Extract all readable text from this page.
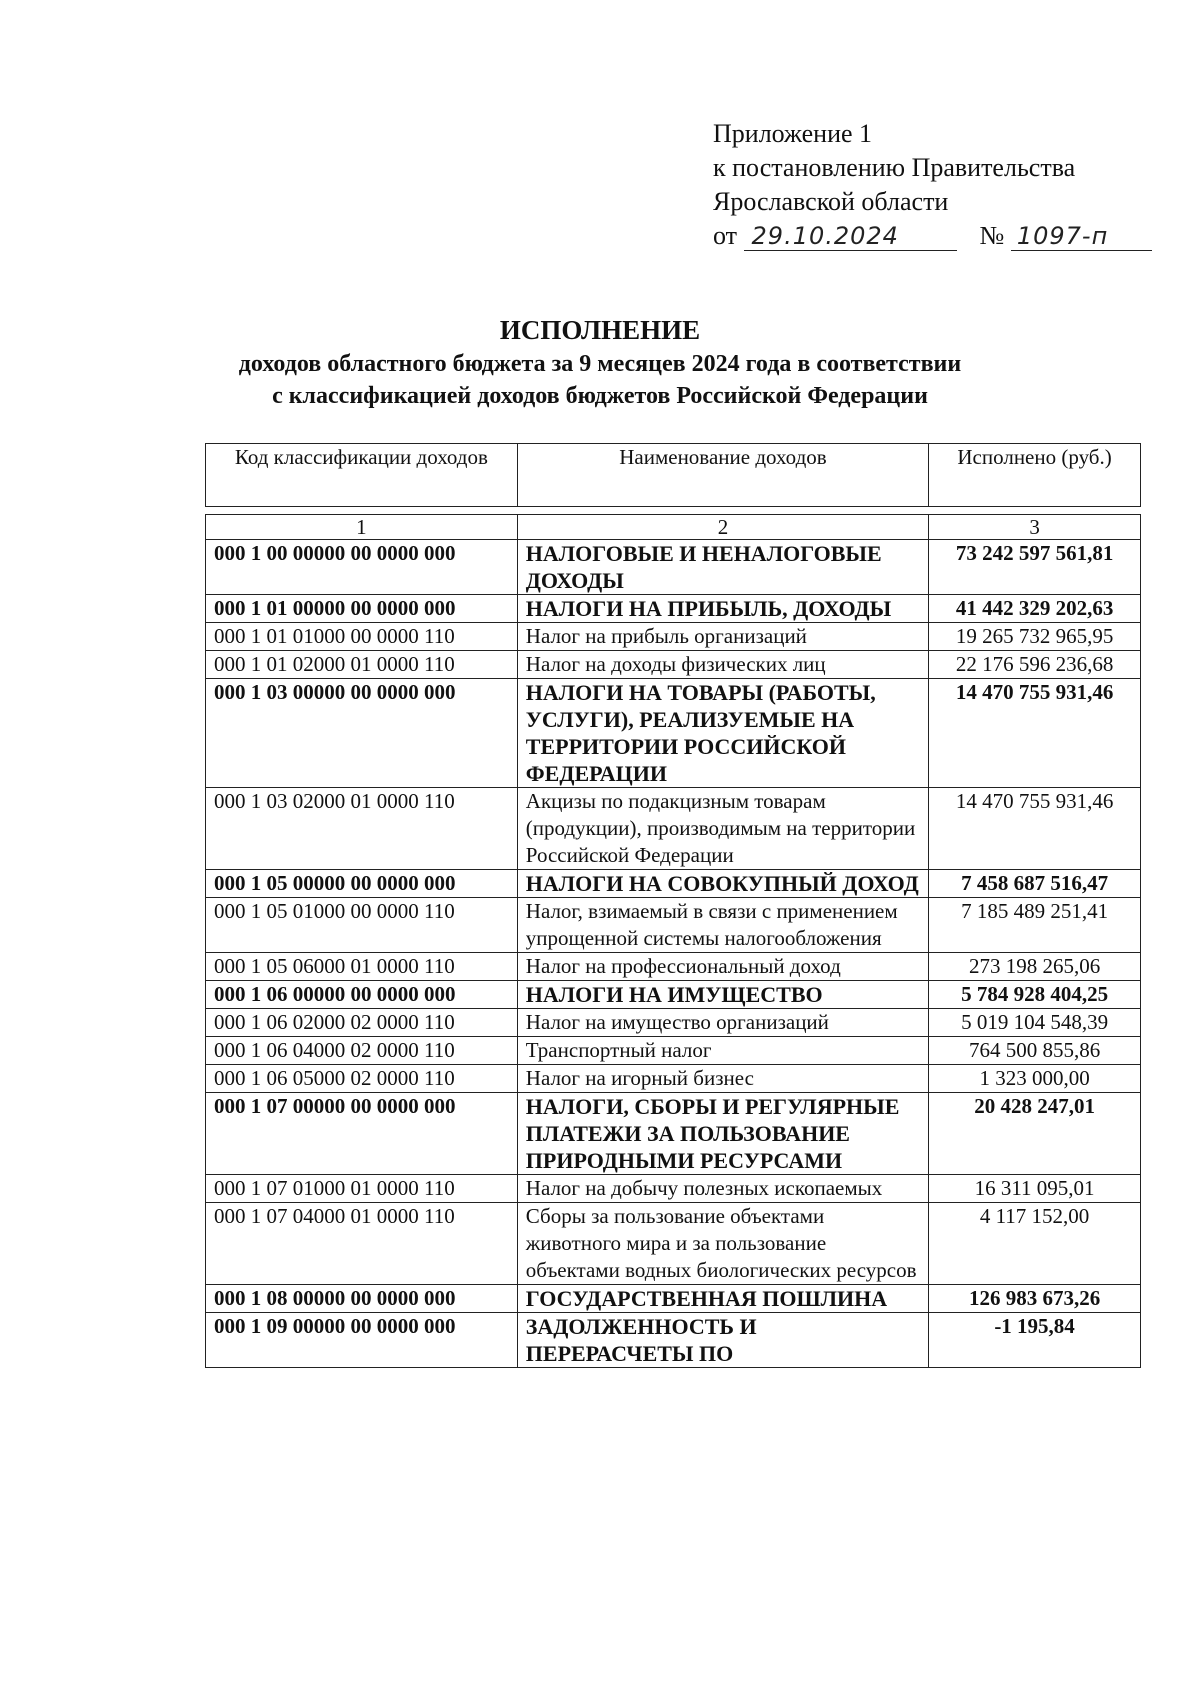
Приложение 1
к постановлению Правительства
Ярославской области
от 29.10.2024	№ 1097-п
ИСПОЛНЕНИЕ
доходов областного бюджета за 9 месяцев 2024 года в соответствии
с классификацией доходов бюджетов Российской Федерации
Код классификации доходов	Наименование доходов	Исполнено (руб.)

1	2	3
000 1 00 00000 00 0000 000	НАЛОГОВЫЕ И НЕНАЛОГОВЫЕ ДОХОДЫ	73 242 597 561,81
000 1 01 00000 00 0000 000	НАЛОГИ НА ПРИБЫЛЬ, ДОХОДЫ	41 442 329 202,63
000 1 01 01000 00 0000 110	Налог на прибыль организаций	19 265 732 965,95
000 1 01 02000 01 0000 110	Налог на доходы физических лиц	22 176 596 236,68
000 1 03 00000 00 0000 000	НАЛОГИ НА ТОВАРЫ (РАБОТЫ, УСЛУГИ), РЕАЛИЗУЕМЫЕ НА ТЕРРИТОРИИ РОССИЙСКОЙ ФЕДЕРАЦИИ	14 470 755 931,46
000 1 03 02000 01 0000 110	Акцизы по подакцизным товарам (продукции), производимым на территории Российской Федерации	14 470 755 931,46
000 1 05 00000 00 0000 000	НАЛОГИ НА СОВОКУПНЫЙ ДОХОД	7 458 687 516,47
000 1 05 01000 00 0000 110	Налог, взимаемый в связи с применением упрощенной системы налогообложения	7 185 489 251,41
000 1 05 06000 01 0000 110	Налог на профессиональный доход	273 198 265,06
000 1 06 00000 00 0000 000	НАЛОГИ НА ИМУЩЕСТВО	5 784 928 404,25
000 1 06 02000 02 0000 110	Налог на имущество организаций	5 019 104 548,39
000 1 06 04000 02 0000 110	Транспортный налог	764 500 855,86
000 1 06 05000 02 0000 110	Налог на игорный бизнес	1 323 000,00
000 1 07 00000 00 0000 000	НАЛОГИ, СБОРЫ И РЕГУЛЯРНЫЕ ПЛАТЕЖИ ЗА ПОЛЬЗОВАНИЕ ПРИРОДНЫМИ РЕСУРСАМИ	20 428 247,01
000 1 07 01000 01 0000 110	Налог на добычу полезных ископаемых	16 311 095,01
000 1 07 04000 01 0000 110	Сборы за пользование объектами животного мира и за пользование объектами водных биологических ресурсов	4 117 152,00
000 1 08 00000 00 0000 000	ГОСУДАРСТВЕННАЯ ПОШЛИНА	126 983 673,26
000 1 09 00000 00 0000 000	ЗАДОЛЖЕННОСТЬ И ПЕРЕРАСЧЕТЫ ПО	-1 195,84
